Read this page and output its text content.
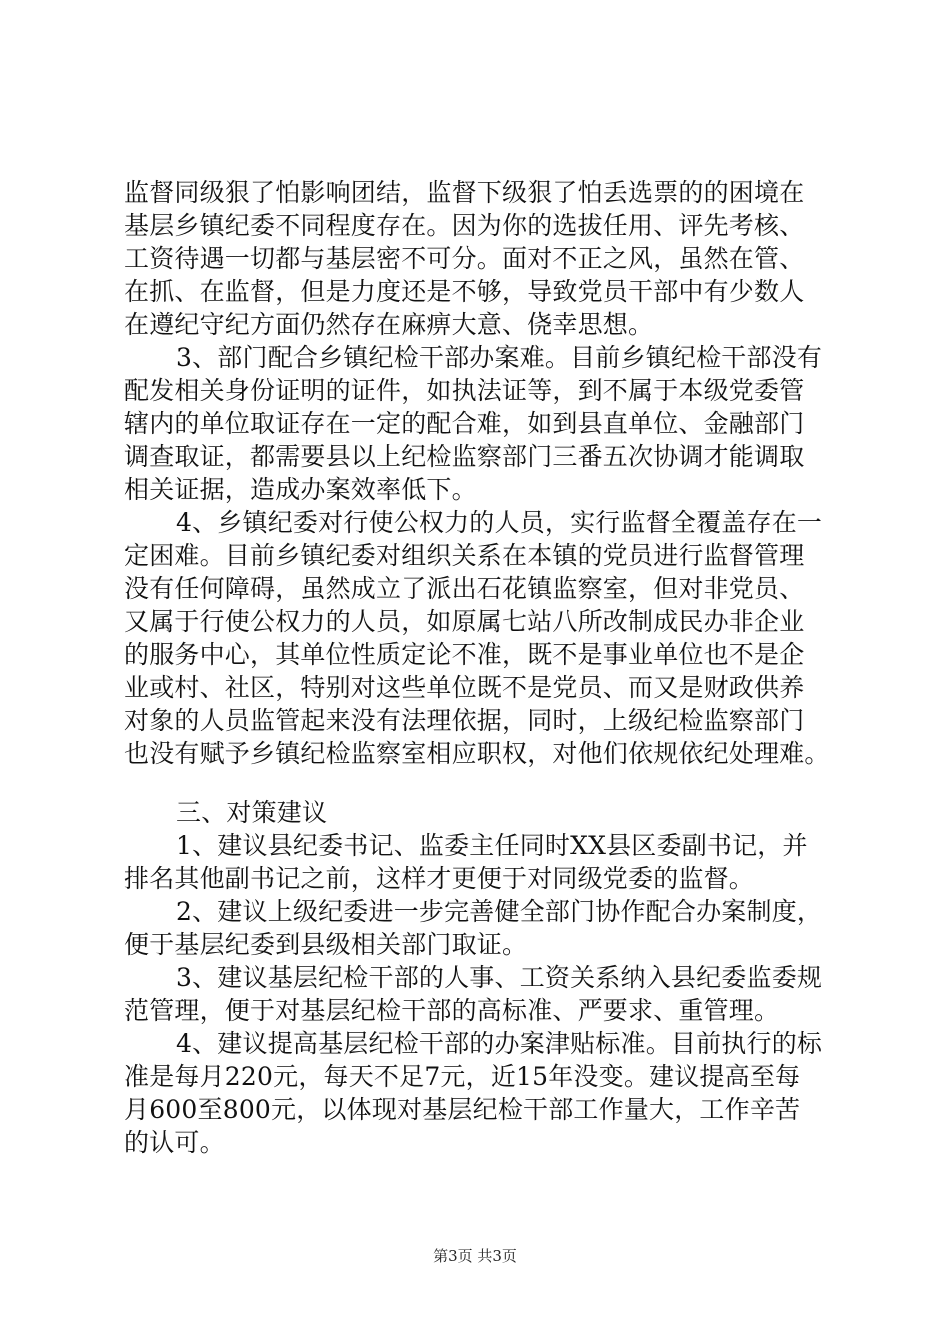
监督同级狠了怕影响团结，监督下级狠了怕丢选票的的困境在
基层乡镇纪委不同程度存在。因为你的选拔任用、评先考核、
工资待遇一切都与基层密不可分。面对不正之风，虽然在管、
在抓、在监督，但是力度还是不够，导致党员干部中有少数人
在遵纪守纪方面仍然存在麻痹大意、侥幸思想。
3、部门配合乡镇纪检干部办案难。目前乡镇纪检干部没有
配发相关身份证明的证件，如执法证等，到不属于本级党委管
辖内的单位取证存在一定的配合难，如到县直单位、金融部门
调查取证，都需要县以上纪检监察部门三番五次协调才能调取
相关证据，造成办案效率低下。
4、乡镇纪委对行使公权力的人员，实行监督全覆盖存在一
定困难。目前乡镇纪委对组织关系在本镇的党员进行监督管理
没有任何障碍，虽然成立了派出石花镇监察室，但对非党员、
又属于行使公权力的人员，如原属七站八所改制成民办非企业
的服务中心，其单位性质定论不准，既不是事业单位也不是企
业或村、社区，特别对这些单位既不是党员、而又是财政供养
对象的人员监管起来没有法理依据，同时，上级纪检监察部门
也没有赋予乡镇纪检监察室相应职权，对他们依规依纪处理难。
三、对策建议
1、建议县纪委书记、监委主任同时XX县区委副书记，并
排名其他副书记之前，这样才更便于对同级党委的监督。
2、建议上级纪委进一步完善健全部门协作配合办案制度，
便于基层纪委到县级相关部门取证。
3、建议基层纪检干部的人事、工资关系纳入县纪委监委规
范管理，便于对基层纪检干部的高标准、严要求、重管理。
4、建议提高基层纪检干部的办案津贴标准。目前执行的标
准是每月220元，每天不足7元，近15年没变。建议提高至每
月600至800元，以体现对基层纪检干部工作量大，工作辛苦
的认可。
第3页 共3页
